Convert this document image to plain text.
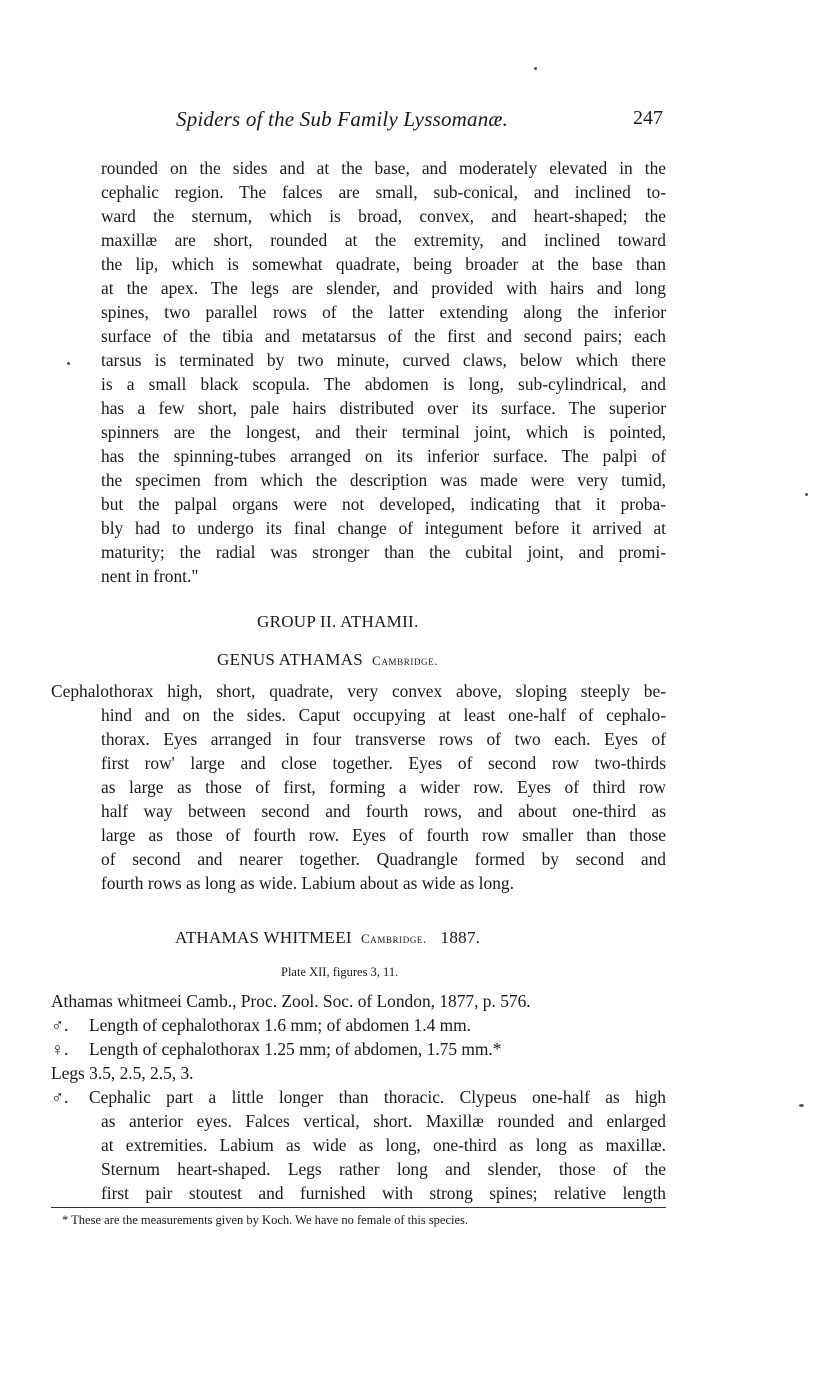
Spiders of the Sub Family Lyssomanæ.	247
rounded on the sides and at the base, and moderately elevated in the
cephalic region. The falces are small, sub-conical, and inclined to-
ward the sternum, which is broad, convex, and heart-shaped; the
maxillæ are short, rounded at the extremity, and inclined toward
the lip, which is somewhat quadrate, being broader at the base than
at the apex. The legs are slender, and provided with hairs and long
spines, two parallel rows of the latter extending along the inferior
surface of the tibia and metatarsus of the first and second pairs; each
tarsus is terminated by two minute, curved claws, below which there
is a small black scopula. The abdomen is long, sub-cylindrical, and
has a few short, pale hairs distributed over its surface. The superior
spinners are the longest, and their terminal joint, which is pointed,
has the spinning-tubes arranged on its inferior surface. The palpi of
the specimen from which the description was made were very tumid,
but the palpal organs were not developed, indicating that it proba-
bly had to undergo its final change of integument before it arrived at
maturity; the radial was stronger than the cubital joint, and promi-
nent in front."
GROUP II. ATHAMII.
GENUS ATHAMAS Cambridge.
Cephalothorax high, short, quadrate, very convex above, sloping steeply be-
hind and on the sides. Caput occupying at least one-half of cephalo-
thorax. Eyes arranged in four transverse rows of two each. Eyes of
first row' large and close together. Eyes of second row two-thirds
as large as those of first, forming a wider row. Eyes of third row
half way between second and fourth rows, and about one-third as
large as those of fourth row. Eyes of fourth row smaller than those
of second and nearer together. Quadrangle formed by second and
fourth rows as long as wide. Labium about as wide as long.
ATHAMAS WHITMEEI Cambridge. 1887.
Plate XII, figures 3, 11.
Athamas whitmeei Camb., Proc. Zool. Soc. of London, 1877, p. 576.
♂. Length of cephalothorax 1.6 mm; of abdomen 1.4 mm.
♀. Length of cephalothorax 1.25 mm; of abdomen, 1.75 mm.*
Legs 3.5, 2.5, 2.5, 3.
♂. Cephalic part a little longer than thoracic. Clypeus one-half as high
as anterior eyes. Falces vertical, short. Maxillæ rounded and enlarged
at extremities. Labium as wide as long, one-third as long as maxillæ.
Sternum heart-shaped. Legs rather long and slender, those of the
first pair stoutest and furnished with strong spines; relative length
* These are the measurements given by Koch. We have no female of this species.
